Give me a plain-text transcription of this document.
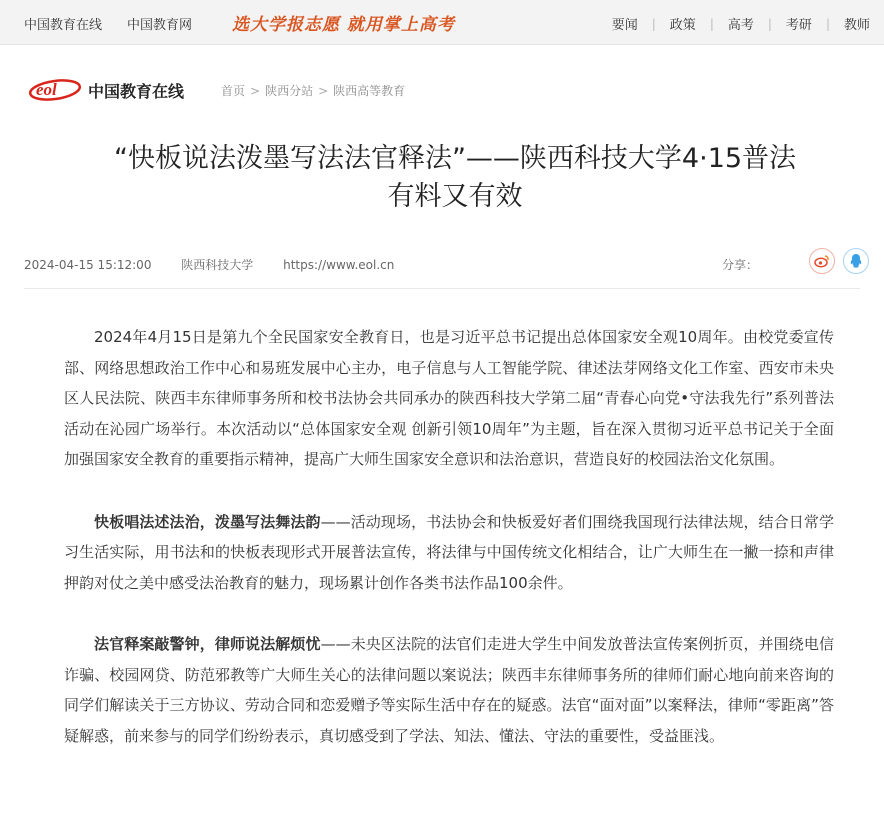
中国教育在线 中国教育网 选大学报志愿 就用掌上高考	要闻	|	政策	|	高考	|	考研	|	教师
eol 中国教育在线	首页 > 陕西分站 > 陕西高等教育
“快板说法泼墨写法法官释法”——陕西科技大学4·15普法
有料又有效
2024-04-15 15:12:00 陕西科技大学 https://www.eol.cn	分享：

2024年4月15日是第九个全民国家安全教育日，也是习近平总书记提出总体国家安全观10周年。由校党委宣传部、网络思想政治工作中心和易班发展中心主办，电子信息与人工智能学院、律述法芽网络文化工作室、西安市未央区人民法院、陕西丰东律师事务所和校书法协会共同承办的陕西科技大学第二届“青春心向党•守法我先行”系列普法活动在沁园广场举行。本次活动以“总体国家安全观 创新引领10周年”为主题，旨在深入贯彻习近平总书记关于全面加强国家安全教育的重要指示精神，提高广大师生国家安全意识和法治意识，营造良好的校园法治文化氛围。

快板唱法述法治，泼墨写法舞法韵——活动现场，书法协会和快板爱好者们围绕我国现行法律法规，结合日常学习生活实际，用书法和的快板表现形式开展普法宣传，将法律与中国传统文化相结合，让广大师生在一撇一捺和声律押韵对仗之美中感受法治教育的魅力，现场累计创作各类书法作品100余件。

法官释案敲警钟，律师说法解烦忧——未央区法院的法官们走进大学生中间发放普法宣传案例折页，并围绕电信诈骗、校园网贷、防范邪教等广大师生关心的法律问题以案说法；陕西丰东律师事务所的律师们耐心地向前来咨询的同学们解读关于三方协议、劳动合同和恋爱赠予等实际生活中存在的疑惑。法官“面对面”以案释法，律师“零距离”答疑解惑，前来参与的同学们纷纷表示，真切感受到了学法、知法、懂法、守法的重要性，受益匪浅。
